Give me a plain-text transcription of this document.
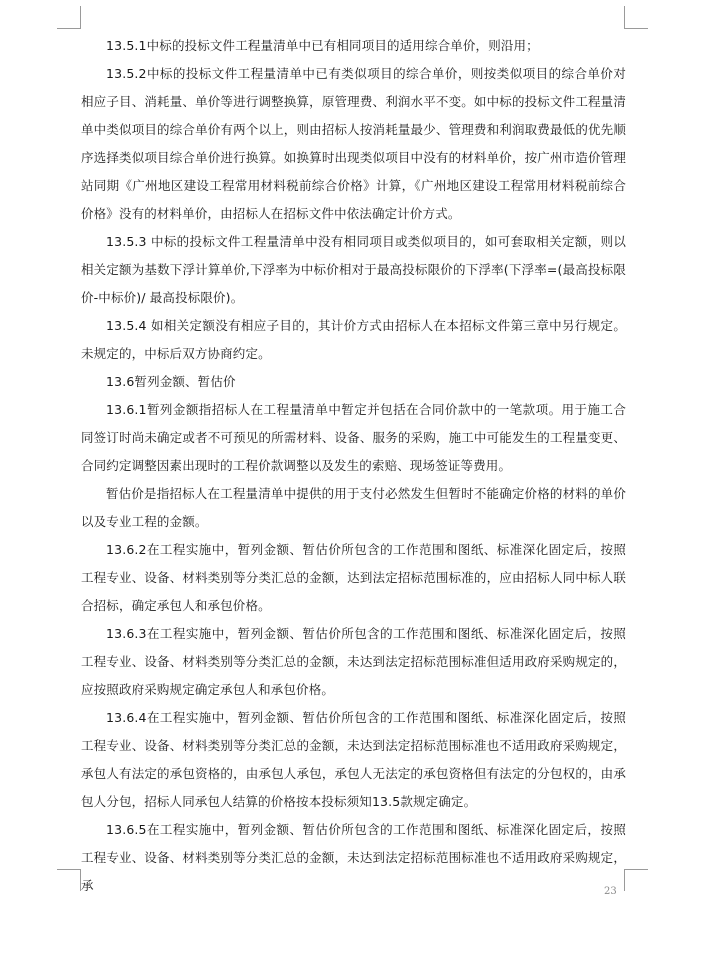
13.5.1中标的投标文件工程量清单中已有相同项目的适用综合单价，则沿用；

13.5.2中标的投标文件工程量清单中已有类似项目的综合单价，则按类似项目的综合单价对相应子目、消耗量、单价等进行调整换算，原管理费、利润水平不变。如中标的投标文件工程量清单中类似项目的综合单价有两个以上，则由招标人按消耗量最少、管理费和利润取费最低的优先顺序选择类似项目综合单价进行换算。如换算时出现类似项目中没有的材料单价，按广州市造价管理站同期《广州地区建设工程常用材料税前综合价格》计算，《广州地区建设工程常用材料税前综合价格》没有的材料单价，由招标人在招标文件中依法确定计价方式。

13.5.3 中标的投标文件工程量清单中没有相同项目或类似项目的，如可套取相关定额，则以相关定额为基数下浮计算单价,下浮率为中标价相对于最高投标限价的下浮率(下浮率=(最高投标限价-中标价)/ 最高投标限价)。

13.5.4 如相关定额没有相应子目的，其计价方式由招标人在本招标文件第三章中另行规定。未规定的，中标后双方协商约定。

13.6暂列金额、暂估价

13.6.1暂列金额指招标人在工程量清单中暂定并包括在合同价款中的一笔款项。用于施工合同签订时尚未确定或者不可预见的所需材料、设备、服务的采购，施工中可能发生的工程量变更、合同约定调整因素出现时的工程价款调整以及发生的索赔、现场签证等费用。

暂估价是指招标人在工程量清单中提供的用于支付必然发生但暂时不能确定价格的材料的单价以及专业工程的金额。

13.6.2在工程实施中，暂列金额、暂估价所包含的工作范围和图纸、标准深化固定后，按照工程专业、设备、材料类别等分类汇总的金额，达到法定招标范围标准的，应由招标人同中标人联合招标，确定承包人和承包价格。

13.6.3在工程实施中，暂列金额、暂估价所包含的工作范围和图纸、标准深化固定后，按照工程专业、设备、材料类别等分类汇总的金额，未达到法定招标范围标准但适用政府采购规定的，应按照政府采购规定确定承包人和承包价格。

13.6.4在工程实施中，暂列金额、暂估价所包含的工作范围和图纸、标准深化固定后，按照工程专业、设备、材料类别等分类汇总的金额，未达到法定招标范围标准也不适用政府采购规定，承包人有法定的承包资格的，由承包人承包，承包人无法定的承包资格但有法定的分包权的，由承包人分包，招标人同承包人结算的价格按本投标须知13.5款规定确定。

13.6.5在工程实施中，暂列金额、暂估价所包含的工作范围和图纸、标准深化固定后，按照工程专业、设备、材料类别等分类汇总的金额，未达到法定招标范围标准也不适用政府采购规定，承	23
